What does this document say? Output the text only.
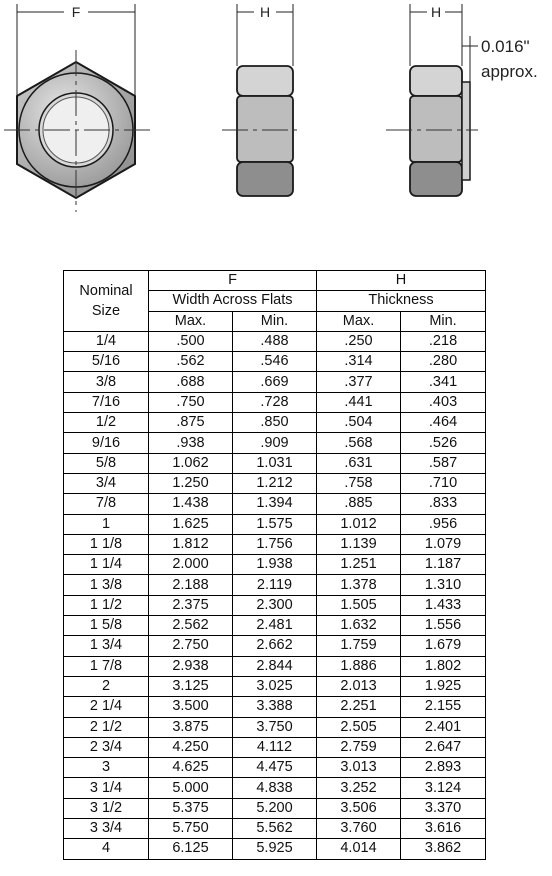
F	H	H
0.016"
approx.
Nominal
Size	F		H	
	Width Across Flats		Thickness	
	Max.	Min.	Max.	Min.
1/4	.500	.488	.250	.218
5/16	.562	.546	.314	.280
3/8	.688	.669	.377	.341
7/16	.750	.728	.441	.403
1/2	.875	.850	.504	.464
9/16	.938	.909	.568	.526
5/8	1.062	1.031	.631	.587
3/4	1.250	1.212	.758	.710
7/8	1.438	1.394	.885	.833
1	1.625	1.575	1.012	.956
1 1/8	1.812	1.756	1.139	1.079
1 1/4	2.000	1.938	1.251	1.187
1 3/8	2.188	2.119	1.378	1.310
1 1/2	2.375	2.300	1.505	1.433
1 5/8	2.562	2.481	1.632	1.556
1 3/4	2.750	2.662	1.759	1.679
1 7/8	2.938	2.844	1.886	1.802
2	3.125	3.025	2.013	1.925
2 1/4	3.500	3.388	2.251	2.155
2 1/2	3.875	3.750	2.505	2.401
2 3/4	4.250	4.112	2.759	2.647
3	4.625	4.475	3.013	2.893
3 1/4	5.000	4.838	3.252	3.124
3 1/2	5.375	5.200	3.506	3.370
3 3/4	5.750	5.562	3.760	3.616
4	6.125	5.925	4.014	3.862
